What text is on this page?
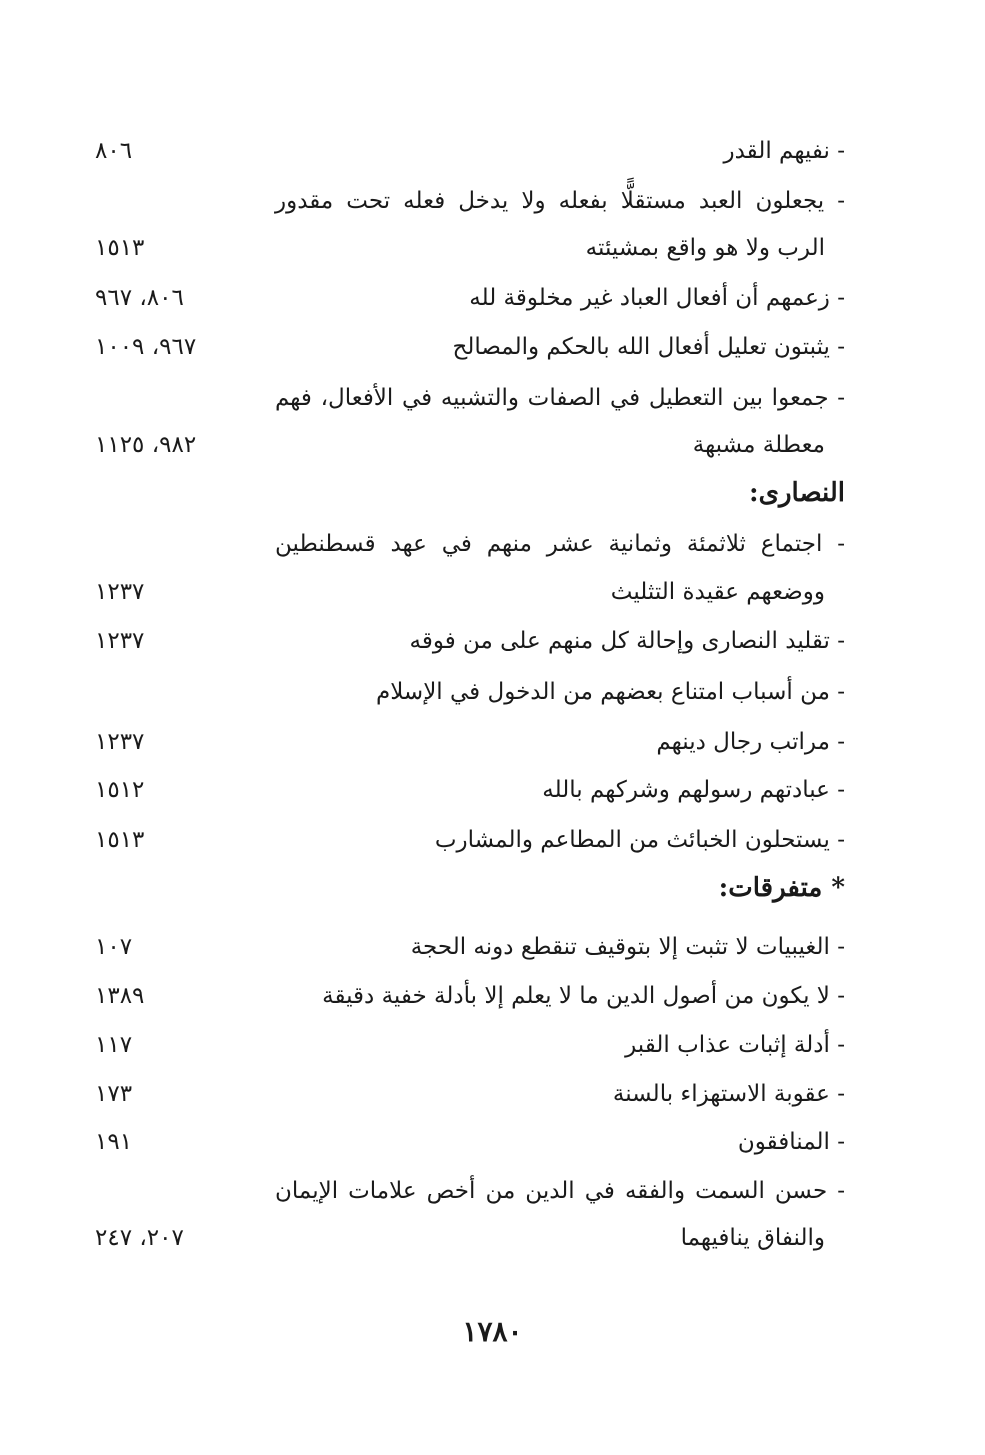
- نفيهم القدر
٨٠٦
- يجعلون العبد مستقلًّا بفعله ولا يدخل فعله تحت مقدور
الرب ولا هو واقع بمشيئته
١٥١٣
- زعمهم أن أفعال العباد غير مخلوقة لله
٨٠٦، ٩٦٧
- يثبتون تعليل أفعال الله بالحكم والمصالح
٩٦٧، ١٠٠٩
- جمعوا بين التعطيل في الصفات والتشبيه في الأفعال، فهم
معطلة مشبهة
٩٨٢، ١١٢٥
النصارى:
- اجتماع ثلاثمئة وثمانية عشر منهم في عهد قسطنطين
ووضعهم عقيدة التثليث
١٢٣٧
- تقليد النصارى وإحالة كل منهم على من فوقه
١٢٣٧
- من أسباب امتناع بعضهم من الدخول في الإسلام
- مراتب رجال دينهم
١٢٣٧
- عبادتهم رسولهم وشركهم بالله
١٥١٢
- يستحلون الخبائث من المطاعم والمشارب
١٥١٣
* متفرقات:
- الغيبيات لا تثبت إلا بتوقيف تنقطع دونه الحجة
١٠٧
- لا يكون من أصول الدين ما لا يعلم إلا بأدلة خفية دقيقة
١٣٨٩
- أدلة إثبات عذاب القبر
١١٧
- عقوبة الاستهزاء بالسنة
١٧٣
- المنافقون
١٩١
- حسن السمت والفقه في الدين من أخص علامات الإيمان
والنفاق ينافيهما
٢٠٧، ٢٤٧
١٧٨٠
